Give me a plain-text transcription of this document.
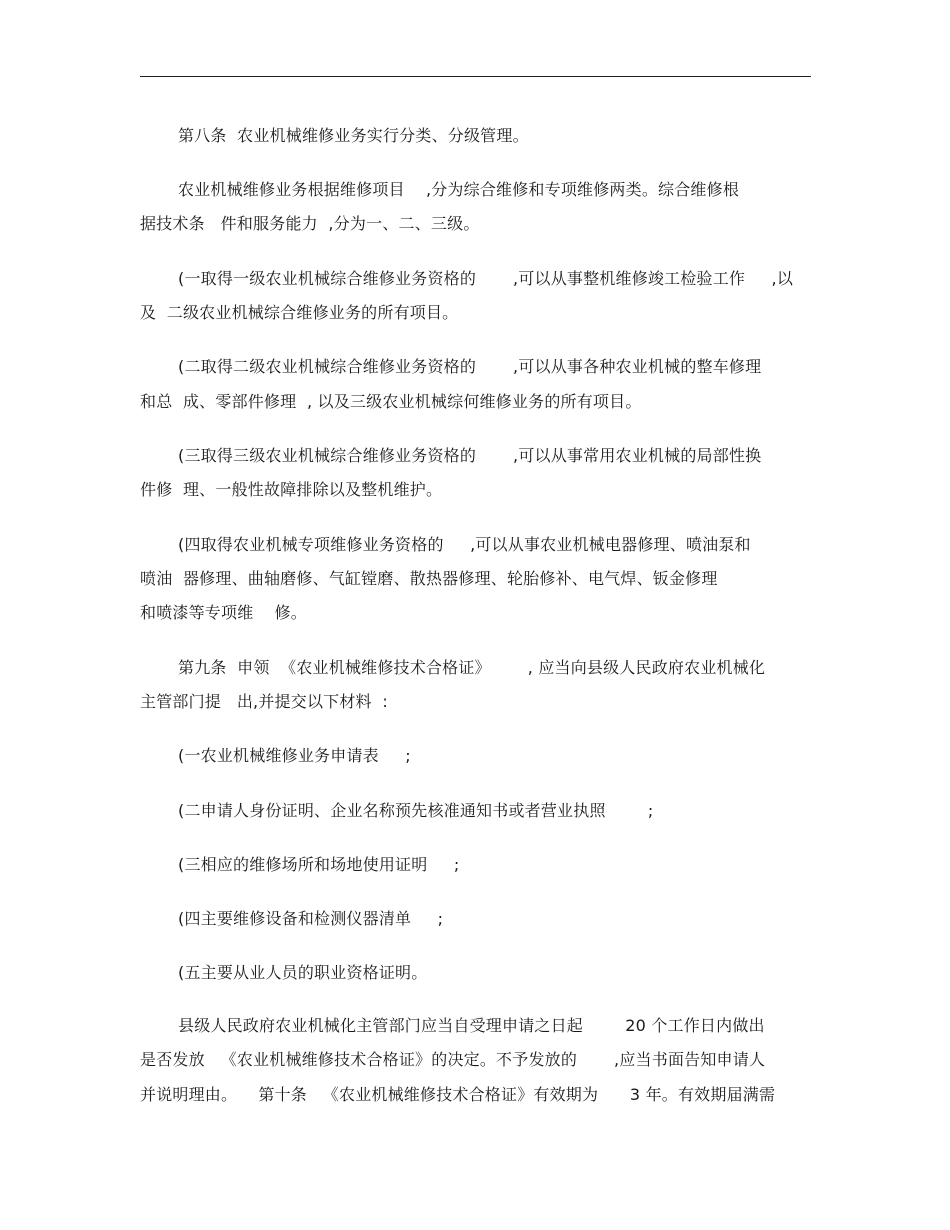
第八条  农业机械维修业务实行分类、分级管理。
农业机械维修业务根据维修项目    ,分为综合维修和专项维修两类。综合维修根
据技术条   件和服务能力  ,分为一、二、三级。
(一取得一级农业机械综合维修业务资格的       ,可以从事整机维修竣工检验工作     ,以
及  二级农业机械综合维修业务的所有项目。
(二取得二级农业机械综合维修业务资格的       ,可以从事各种农业机械的整车修理
和总  成、零部件修理  , 以及三级农业机械综何维修业务的所有项目。
(三取得三级农业机械综合维修业务资格的       ,可以从事常用农业机械的局部性换
件修  理、一般性故障排除以及整机维护。
(四取得农业机械专项维修业务资格的     ,可以从事农业机械电器修理、喷油泵和
喷油  器修理、曲轴磨修、气缸镗磨、散热器修理、轮胎修补、电气焊、钣金修理
和喷漆等专项维    修。
第九条  申领  《农业机械维修技术合格证》       , 应当向县级人民政府农业机械化
主管部门提   出,并提交以下材料  :
(一农业机械维修业务申请表     ;
(二申请人身份证明、企业名称预先核准通知书或者营业执照        ;
(三相应的维修场所和场地使用证明     ;
(四主要维修设备和检测仪器清单     ;
(五主要从业人员的职业资格证明。
县级人民政府农业机械化主管部门应当自受理申请之日起        20 个工作日内做出
是否发放   《农业机械维修技术合格证》的决定。不予发放的       ,应当书面告知申请人
并说明理由。    第十条   《农业机械维修技术合格证》有效期为      3 年。有效期届满需
